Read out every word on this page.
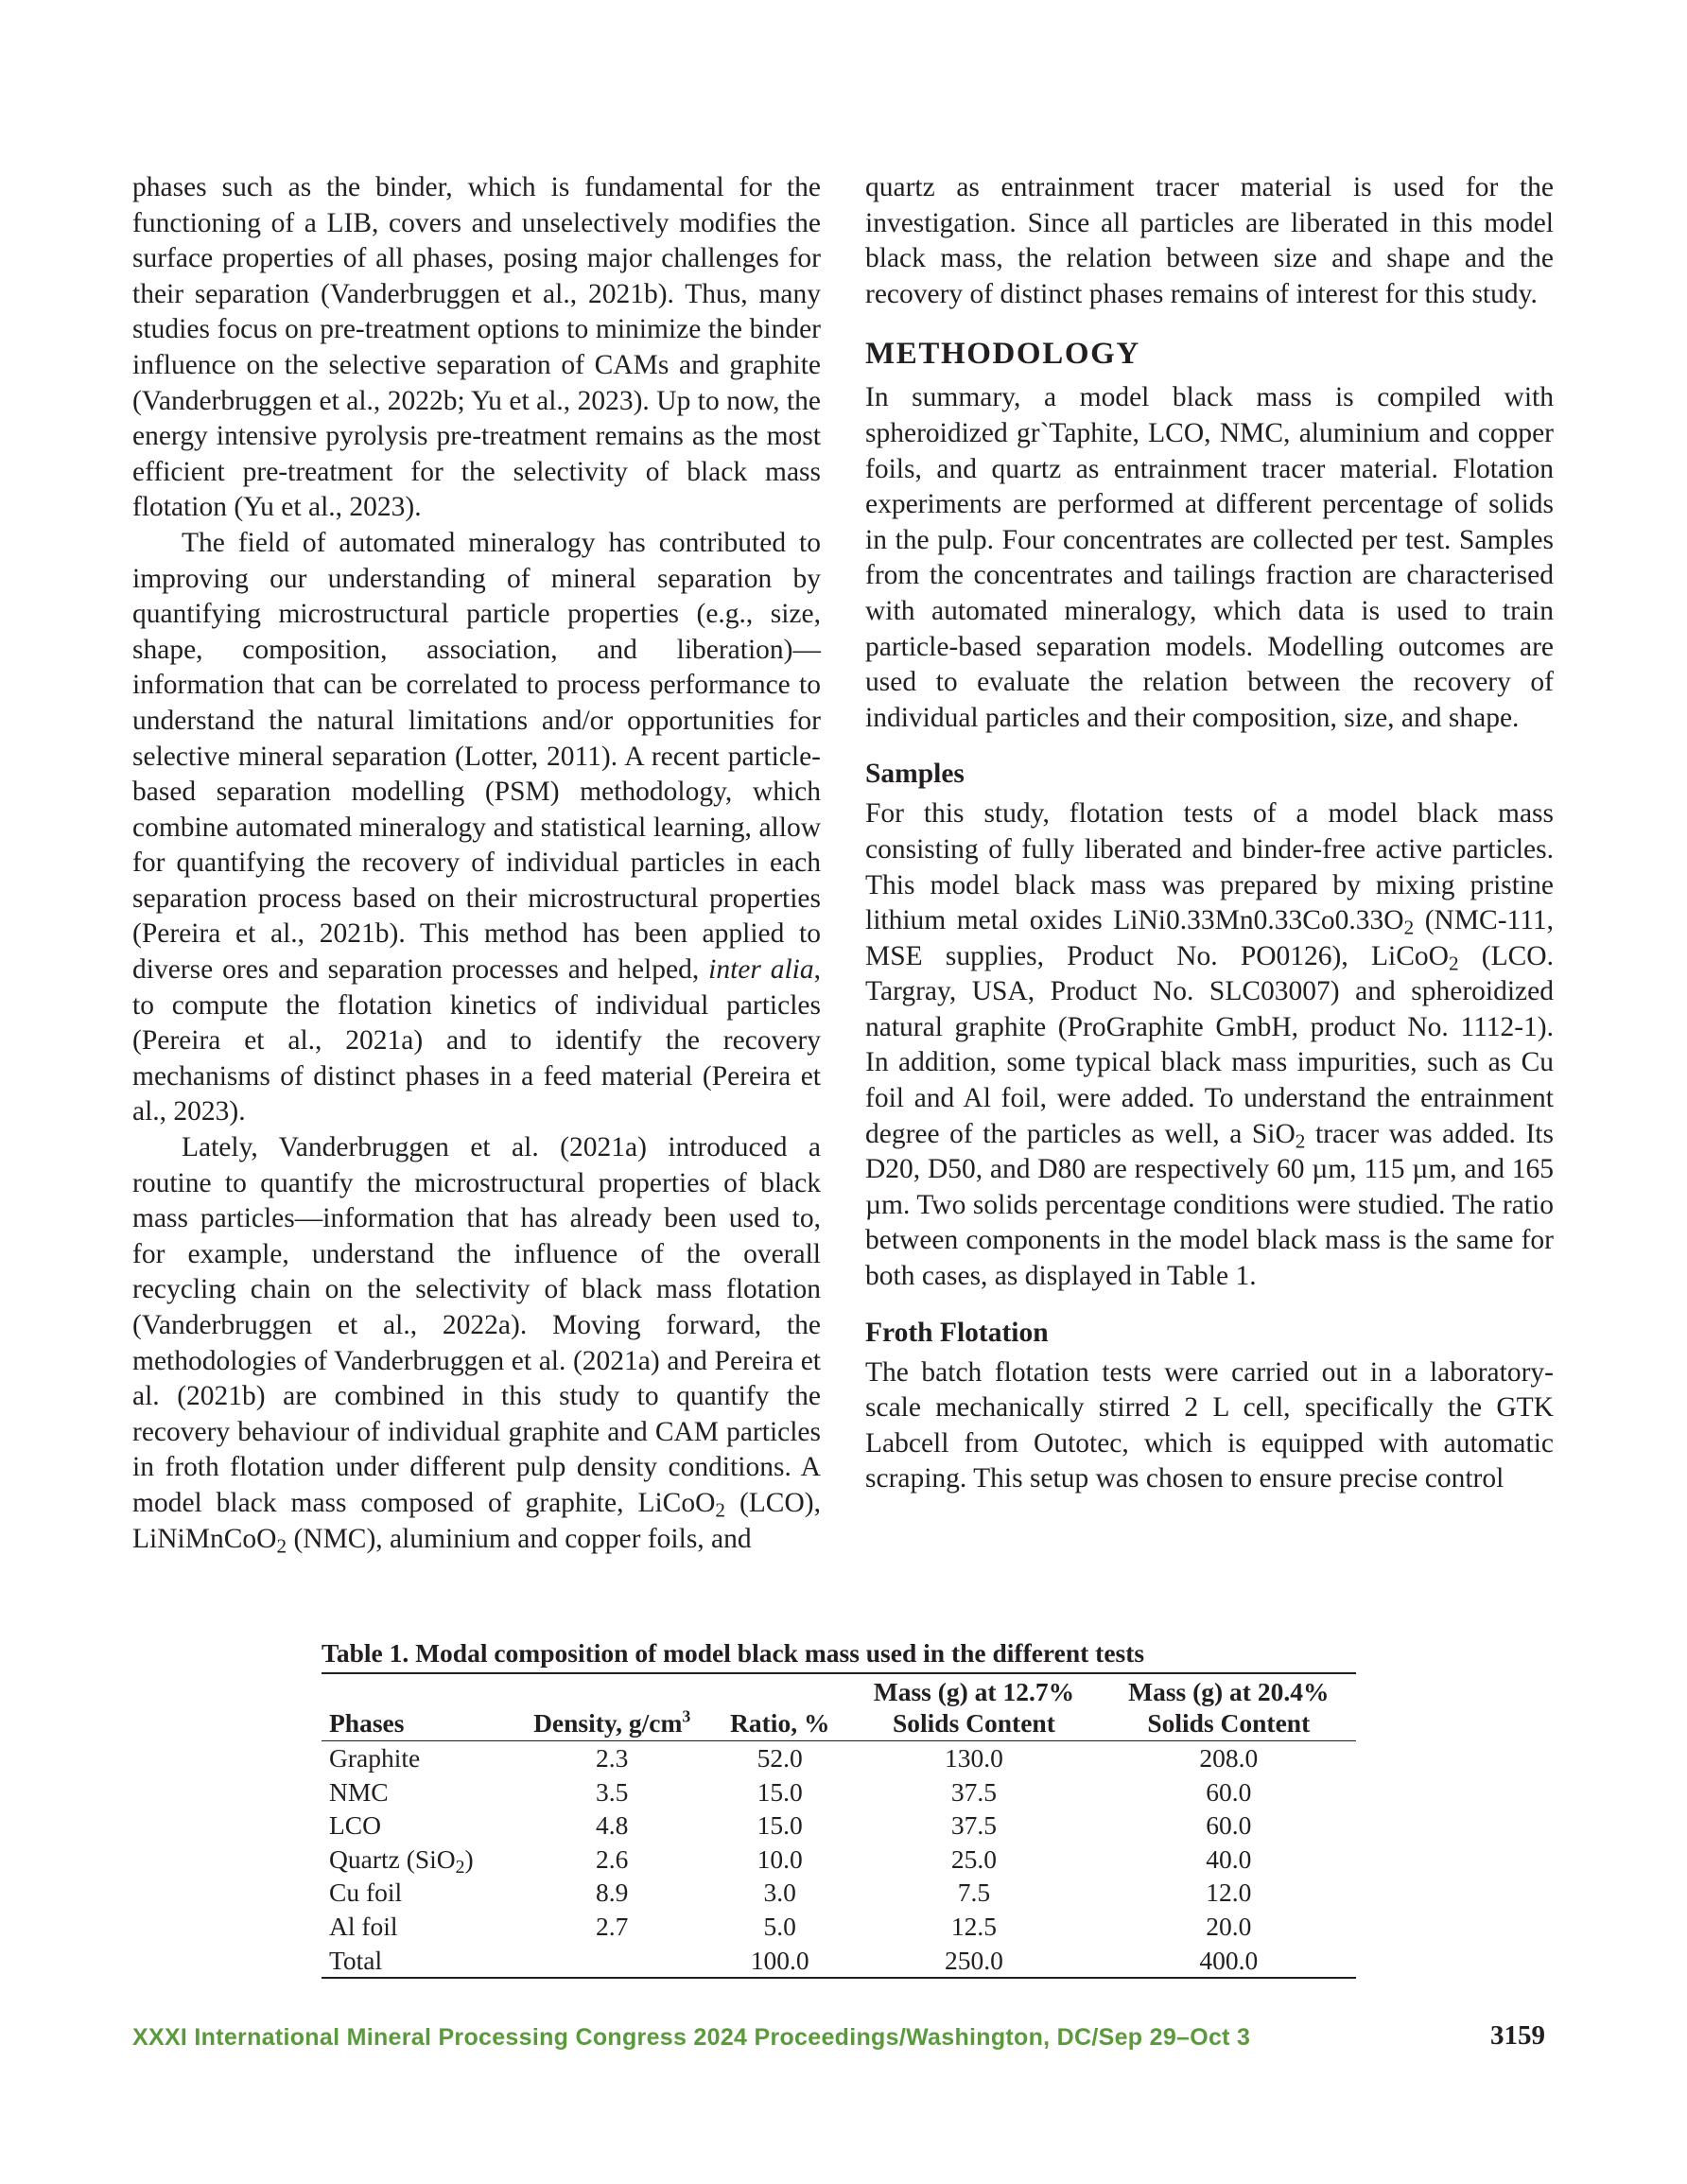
phases such as the binder, which is fundamental for the functioning of a LIB, covers and unselectively modifies the surface properties of all phases, posing major challenges for their separation (Vanderbruggen et al., 2021b). Thus, many studies focus on pre-treatment options to minimize the binder influence on the selective separation of CAMs and graphite (Vanderbruggen et al., 2022b; Yu et al., 2023). Up to now, the energy intensive pyrolysis pre-treatment remains as the most efficient pre-treatment for the selectivity of black mass flotation (Yu et al., 2023).

The field of automated mineralogy has contributed to improving our understanding of mineral separation by quantifying microstructural particle properties (e.g., size, shape, composition, association, and liberation)—information that can be correlated to process performance to understand the natural limitations and/or opportunities for selective mineral separation (Lotter, 2011). A recent particle-based separation modelling (PSM) methodology, which combine automated mineralogy and statistical learning, allow for quantifying the recovery of individual particles in each separation process based on their microstructural properties (Pereira et al., 2021b). This method has been applied to diverse ores and separation processes and helped, inter alia, to compute the flotation kinetics of individual particles (Pereira et al., 2021a) and to identify the recovery mechanisms of distinct phases in a feed material (Pereira et al., 2023).

Lately, Vanderbruggen et al. (2021a) introduced a routine to quantify the microstructural properties of black mass particles—information that has already been used to, for example, understand the influence of the overall recycling chain on the selectivity of black mass flotation (Vanderbruggen et al., 2022a). Moving forward, the methodologies of Vanderbruggen et al. (2021a) and Pereira et al. (2021b) are combined in this study to quantify the recovery behaviour of individual graphite and CAM particles in froth flotation under different pulp density conditions. A model black mass composed of graphite, LiCoO$_2$ (LCO), LiNiMnCoO$_2$ (NMC), aluminium and copper foils, and

quartz as entrainment tracer material is used for the investigation. Since all particles are liberated in this model black mass, the relation between size and shape and the recovery of distinct phases remains of interest for this study.

METHODOLOGY

In summary, a model black mass is compiled with spheroidized gr`Taphite, LCO, NMC, aluminium and copper foils, and quartz as entrainment tracer material. Flotation experiments are performed at different percentage of solids in the pulp. Four concentrates are collected per test. Samples from the concentrates and tailings fraction are characterised with automated mineralogy, which data is used to train particle-based separation models. Modelling outcomes are used to evaluate the relation between the recovery of individual particles and their composition, size, and shape.

Samples

For this study, flotation tests of a model black mass consisting of fully liberated and binder-free active particles. This model black mass was prepared by mixing pristine lithium metal oxides $LiNi0.33Mn0.33Co0.33O_2$ (NMC-111, MSE supplies, Product No. PO0126), LiCoO$_2$ (LCO. Targray, USA, Product No. SLC03007) and spheroidized natural graphite (ProGraphite GmbH, product No. 1112-1). In addition, some typical black mass impurities, such as Cu foil and Al foil, were added. To understand the entrainment degree of the particles as well, a SiO$_2$ tracer was added. Its D20, D50, and D80 are respectively 60 µm, 115 µm, and 165 µm. Two solids percentage conditions were studied. The ratio between components in the model black mass is the same for both cases, as displayed in Table 1.

Froth Flotation

The batch flotation tests were carried out in a laboratory-scale mechanically stirred 2 L cell, specifically the GTK Labcell from Outotec, which is equipped with automatic scraping. This setup was chosen to ensure precise control

Table 1. Modal composition of model black mass used in the different tests
			Mass (g) at 12.7%	Mass (g) at 20.4%
Phases	Density, $g/cm^3$	Ratio, %	Solids Content	Solids Content
Graphite	2.3	52.0	130.0	208.0
NMC	3.5	15.0	37.5	60.0
LCO	4.8	15.0	37.5	60.0
Quartz (SiO$_2$)	2.6	10.0	25.0	40.0
Cu foil	8.9	3.0	7.5	12.0
Al foil	2.7	5.0	12.5	20.0
Total		100.0	250.0	400.0
XXXI International Mineral Processing Congress 2024 Proceedings/Washington, DC/Sep 29–Oct 3	3159
